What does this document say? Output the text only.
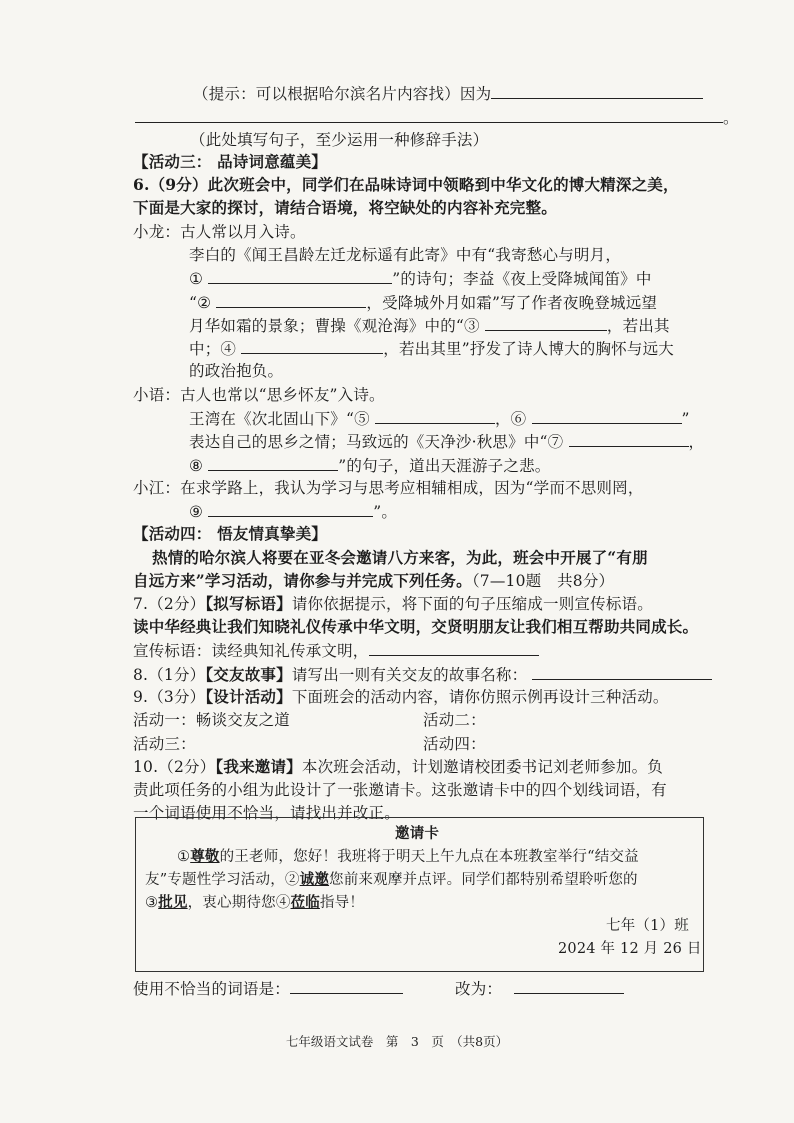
（提示：可以根据哈尔滨名片内容找）因为
。
（此处填写句子，至少运用一种修辞手法）
【活动三： 品诗词意蕴美】
6.（9分）此次班会中，同学们在品味诗词中领略到中华文化的博大精深之美，
下面是大家的探讨，请结合语境，将空缺处的内容补充完整。
小龙：古人常以月入诗。
李白的《闻王昌龄左迁龙标遥有此寄》中有“我寄愁心与明月，
①	”的诗句；李益《夜上受降城闻笛》中
“②	，受降城外月如霜”写了作者夜晚登城远望
月华如霜的景象；曹操《观沧海》中的“③	，若出其
中；④	，若出其里”抒发了诗人博大的胸怀与远大
的政治抱负。
小语：古人也常以“思乡怀友”入诗。
王湾在《次北固山下》“⑤	，⑥	”
表达自己的思乡之情；马致远的《天净沙·秋思》中“⑦	，
⑧	”的句子，道出天涯游子之悲。
小江：在求学路上，我认为学习与思考应相辅相成，因为“学而不思则罔，
⑨	”。
【活动四： 悟友情真挚美】
热情的哈尔滨人将要在亚冬会邀请八方来客，为此，班会中开展了“有朋
自远方来”学习活动，请你参与并完成下列任务。（7—10题　共8分）
7.（2分）【拟写标语】请你依据提示，将下面的句子压缩成一则宣传标语。
读中华经典让我们知晓礼仪传承中华文明，交贤明朋友让我们相互帮助共同成长。
宣传标语：读经典知礼传承文明，
8.（1分）【交友故事】请写出一则有关交友的故事名称：
9.（3分）【设计活动】下面班会的活动内容，请你仿照示例再设计三种活动。
活动一：畅谈交友之道	活动二：
活动三：	活动四：
10.（2分）【我来邀请】本次班会活动，计划邀请校团委书记刘老师参加。负
责此项任务的小组为此设计了一张邀请卡。这张邀请卡中的四个划线词语，有
一个词语使用不恰当，请找出并改正。
邀请卡
①尊敬的王老师，您好！我班将于明天上午九点在本班教室举行“结交益
友”专题性学习活动，②诚邀您前来观摩并点评。同学们都特别希望聆听您的
③批见，衷心期待您④莅临指导！
七年（1）班
2024 年 12 月 26 日
使用不恰当的词语是：	改为：
七年级语文试卷　第　3　页　（共8页）
